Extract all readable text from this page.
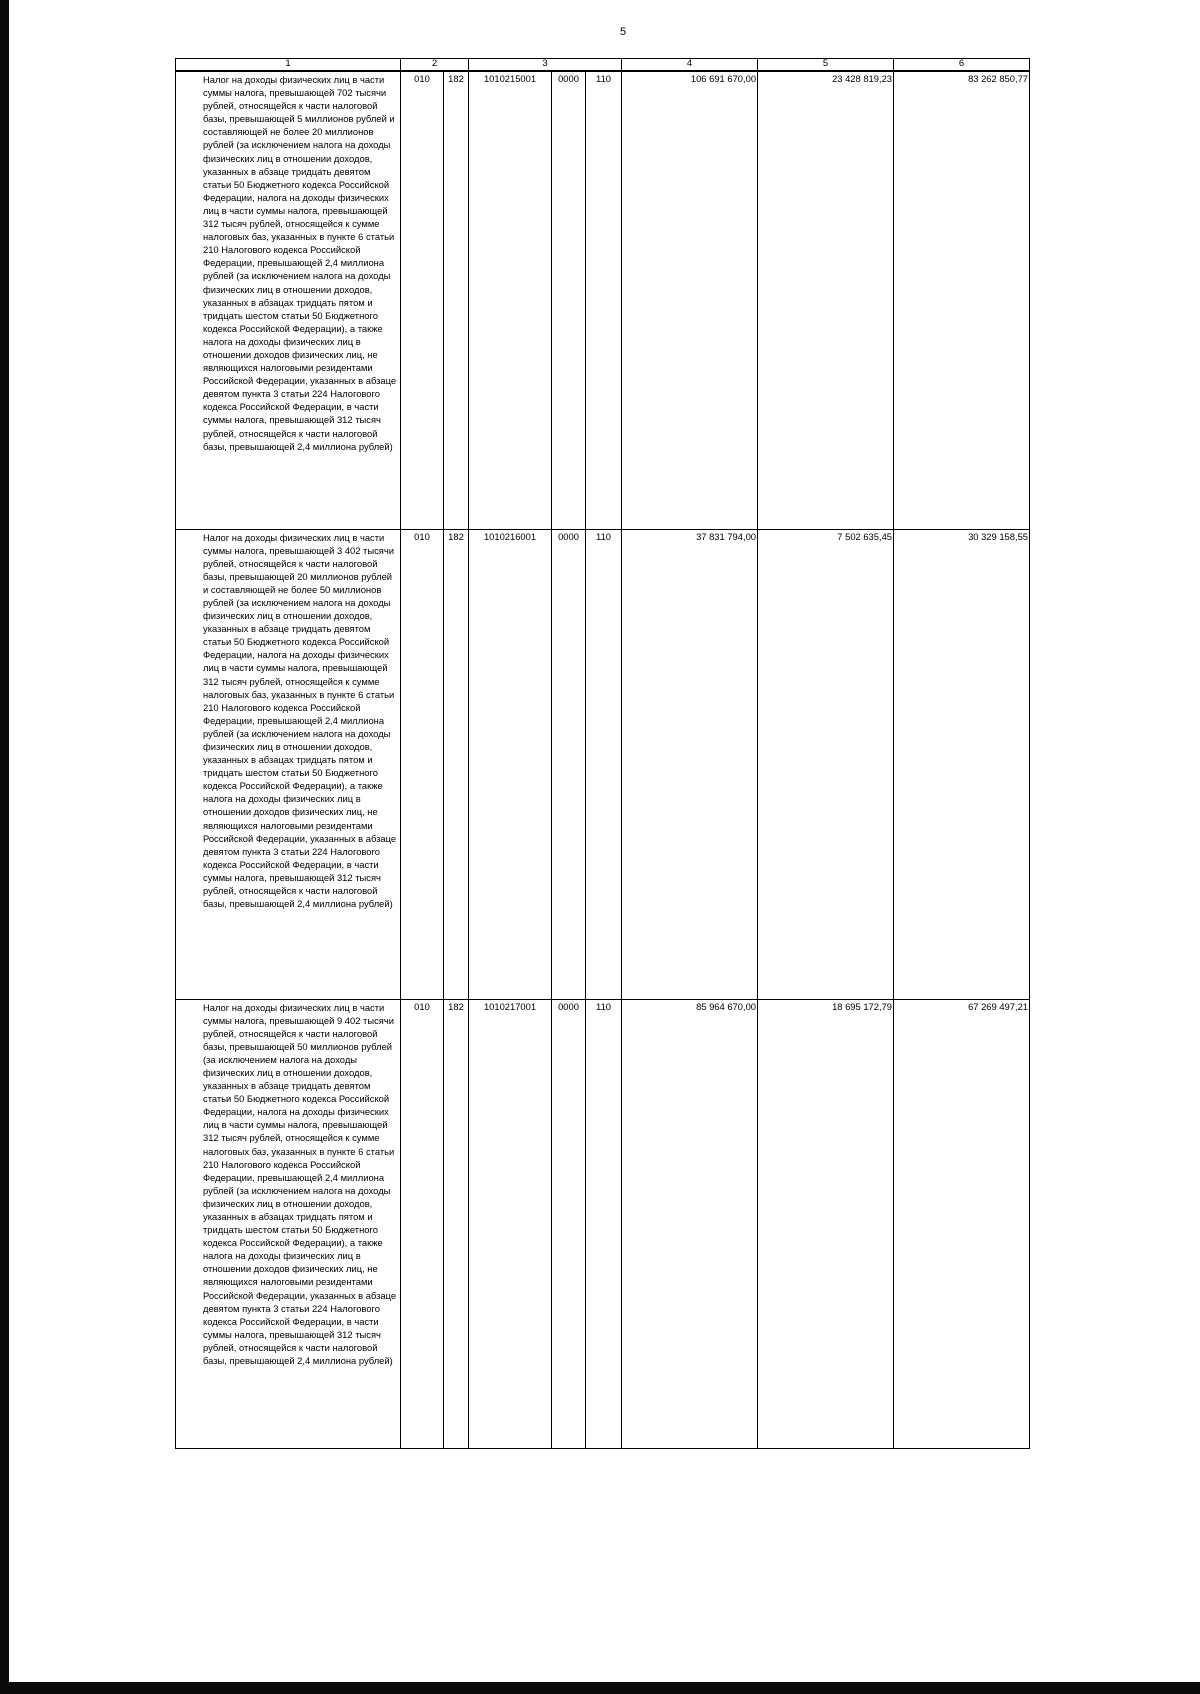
5
1	2		3			4	5	6
Налог на доходы физических лиц в части суммы налога, превышающей 702 тысячи рублей, относящейся к части налоговой базы, превышающей 5 миллионов рублей и составляющей не более 20 миллионов рублей (за исключением налога на доходы физических лиц в отношении доходов, указанных в абзаце тридцать девятом статьи 50 Бюджетного кодекса Российской Федерации, налога на доходы физических лиц в части суммы налога, превышающей 312 тысяч рублей, относящейся к сумме налоговых баз, указанных в пункте 6 статьи 210 Налогового кодекса Российской Федерации, превышающей 2,4 миллиона рублей (за исключением налога на доходы физических лиц в отношении доходов, указанных в абзацах тридцать пятом и тридцать шестом статьи 50 Бюджетного кодекса Российской Федерации), а также налога на доходы физических лиц в отношении доходов физических лиц, не являющихся налоговыми резидентами Российской Федерации, указанных в абзаце девятом пункта 3 статьи 224 Налогового кодекса Российской Федерации, в части суммы налога, превышающей 312 тысяч рублей, относящейся к части налоговой базы, превышающей 2,4 миллиона рублей)	010	182	1010215001	0000	110	106 691 670,00	23 428 819,23	83 262 850,77
Налог на доходы физических лиц в части суммы налога, превышающей 3 402 тысячи рублей, относящейся к части налоговой базы, превышающей 20 миллионов рублей и составляющей не более 50 миллионов рублей (за исключением налога на доходы физических лиц в отношении доходов, указанных в абзаце тридцать девятом статьи 50 Бюджетного кодекса Российской Федерации, налога на доходы физических лиц в части суммы налога, превышающей 312 тысяч рублей, относящейся к сумме налоговых баз, указанных в пункте 6 статьи 210 Налогового кодекса Российской Федерации, превышающей 2,4 миллиона рублей (за исключением налога на доходы физических лиц в отношении доходов, указанных в абзацах тридцать пятом и тридцать шестом статьи 50 Бюджетного кодекса Российской Федерации), а также налога на доходы физических лиц в отношении доходов физических лиц, не являющихся налоговыми резидентами Российской Федерации, указанных в абзаце девятом пункта 3 статьи 224 Налогового кодекса Российской Федерации, в части суммы налога, превышающей 312 тысяч рублей, относящейся к части налоговой базы, превышающей 2,4 миллиона рублей)	010	182	1010216001	0000	110	37 831 794,00	7 502 635,45	30 329 158,55
Налог на доходы физических лиц в части суммы налога, превышающей 9 402 тысячи рублей, относящейся к части налоговой базы, превышающей 50 миллионов рублей (за исключением налога на доходы физических лиц в отношении доходов, указанных в абзаце тридцать девятом статьи 50 Бюджетного кодекса Российской Федерации, налога на доходы физических лиц в части суммы налога, превышающей 312 тысяч рублей, относящейся к сумме налоговых баз, указанных в пункте 6 статьи 210 Налогового кодекса Российской Федерации, превышающей 2,4 миллиона рублей (за исключением налога на доходы физических лиц в отношении доходов, указанных в абзацах тридцать пятом и тридцать шестом статьи 50 Бюджетного кодекса Российской Федерации), а также налога на доходы физических лиц в отношении доходов физических лиц, не являющихся налоговыми резидентами Российской Федерации, указанных в абзаце девятом пункта 3 статьи 224 Налогового кодекса Российской Федерации, в части суммы налога, превышающей 312 тысяч рублей, относящейся к части налоговой базы, превышающей 2,4 миллиона рублей)	010	182	1010217001	0000	110	85 964 670,00	18 695 172,79	67 269 497,21
